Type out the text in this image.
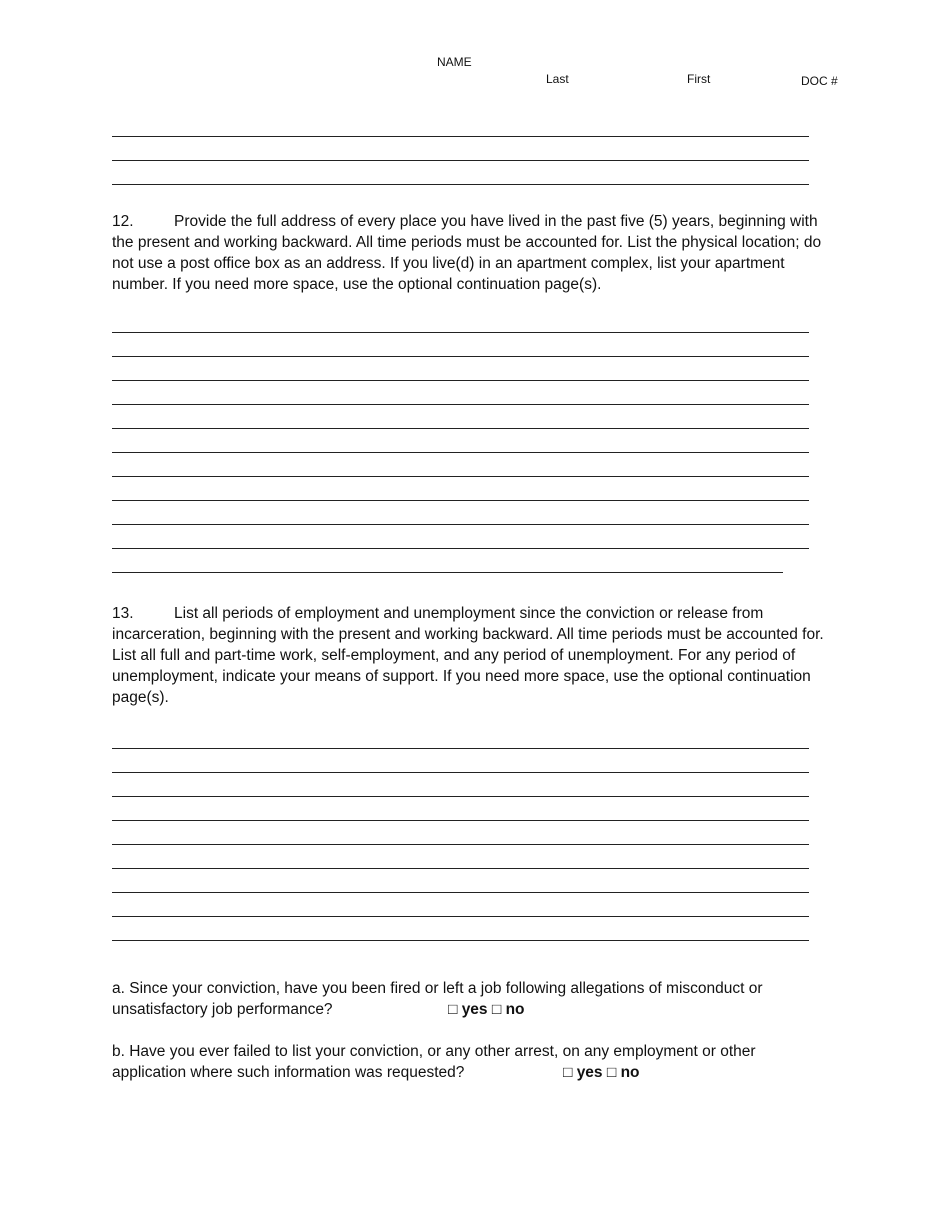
NAME
Last	First	DOC #
12.	Provide the full address of every place you have lived in the past five (5) years, beginning with the present and working backward. All time periods must be accounted for. List the physical location; do not use a post office box as an address. If you live(d) in an apartment complex, list your apartment number. If you need more space, use the optional continuation page(s).
13.	List all periods of employment and unemployment since the conviction or release from incarceration, beginning with the present and working backward. All time periods must be accounted for. List all full and part-time work, self-employment, and any period of unemployment. For any period of unemployment, indicate your means of support. If you need more space, use the optional continuation page(s).
a. Since your conviction, have you been fired or left a job following allegations of misconduct or
unsatisfactory job performance?	□ yes □ no
b. Have you ever failed to list your conviction, or any other arrest, on any employment or other
application where such information was requested?	□ yes □ no
